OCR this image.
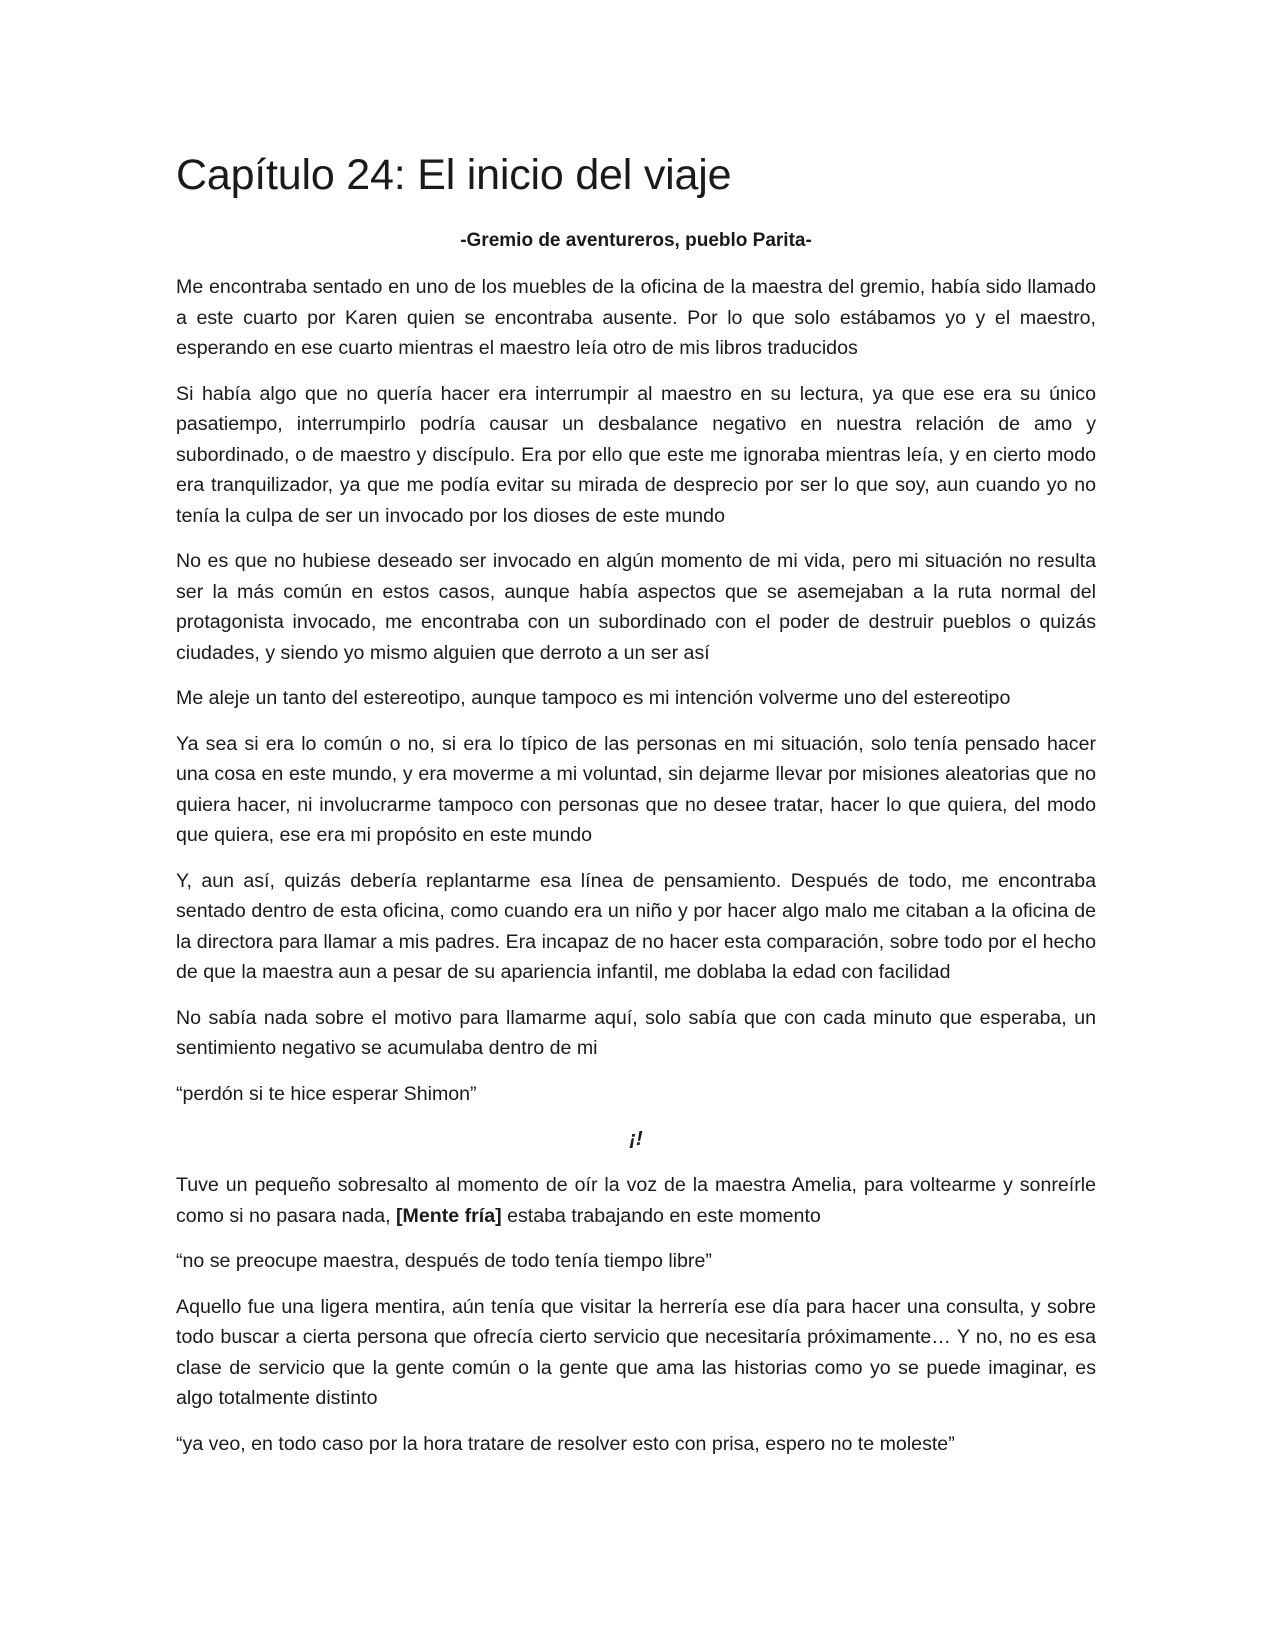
Capítulo 24: El inicio del viaje

-Gremio de aventureros, pueblo Parita-

Me encontraba sentado en uno de los muebles de la oficina de la maestra del gremio, había sido llamado a este cuarto por Karen quien se encontraba ausente. Por lo que solo estábamos yo y el maestro, esperando en ese cuarto mientras el maestro leía otro de mis libros traducidos

Si había algo que no quería hacer era interrumpir al maestro en su lectura, ya que ese era su único pasatiempo, interrumpirlo podría causar un desbalance negativo en nuestra relación de amo y subordinado, o de maestro y discípulo. Era por ello que este me ignoraba mientras leía, y en cierto modo era tranquilizador, ya que me podía evitar su mirada de desprecio por ser lo que soy, aun cuando yo no tenía la culpa de ser un invocado por los dioses de este mundo

No es que no hubiese deseado ser invocado en algún momento de mi vida, pero mi situación no resulta ser la más común en estos casos, aunque había aspectos que se asemejaban a la ruta normal del protagonista invocado, me encontraba con un subordinado con el poder de destruir pueblos o quizás ciudades, y siendo yo mismo alguien que derroto a un ser así

Me aleje un tanto del estereotipo, aunque tampoco es mi intención volverme uno del estereotipo

Ya sea si era lo común o no, si era lo típico de las personas en mi situación, solo tenía pensado hacer una cosa en este mundo, y era moverme a mi voluntad, sin dejarme llevar por misiones aleatorias que no quiera hacer, ni involucrarme tampoco con personas que no desee tratar, hacer lo que quiera, del modo que quiera, ese era mi propósito en este mundo

Y, aun así, quizás debería replantarme esa línea de pensamiento. Después de todo, me encontraba sentado dentro de esta oficina, como cuando era un niño y por hacer algo malo me citaban a la oficina de la directora para llamar a mis padres. Era incapaz de no hacer esta comparación, sobre todo por el hecho de que la maestra aun a pesar de su apariencia infantil, me doblaba la edad con facilidad

No sabía nada sobre el motivo para llamarme aquí, solo sabía que con cada minuto que esperaba, un sentimiento negativo se acumulaba dentro de mi

“perdón si te hice esperar Shimon”

¡!

Tuve un pequeño sobresalto al momento de oír la voz de la maestra Amelia, para voltearme y sonreírle como si no pasara nada, [Mente fría] estaba trabajando en este momento

“no se preocupe maestra, después de todo tenía tiempo libre”

Aquello fue una ligera mentira, aún tenía que visitar la herrería ese día para hacer una consulta, y sobre todo buscar a cierta persona que ofrecía cierto servicio que necesitaría próximamente… Y no, no es esa clase de servicio que la gente común o la gente que ama las historias como yo se puede imaginar, es algo totalmente distinto

“ya veo, en todo caso por la hora tratare de resolver esto con prisa, espero no te moleste”
